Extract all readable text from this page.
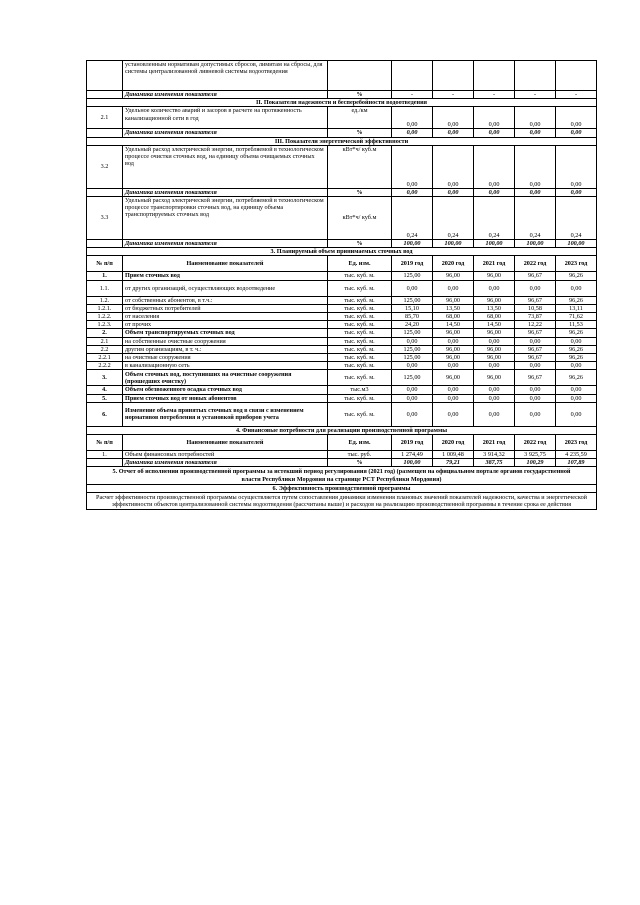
	установленным нормативам допустимых сбросов, лимитам на сбросы, для системы централизованной ливневой системы водоотведения						
	Динамика изменения показателя	%	-	-	-	-	-
II. Показатели надежности и бесперебойности водоотведения							
2.1	Удельное количество аварий и засоров в расчете на протяженность канализационной сети в год	ед./км	0,00	0,00	0,00	0,00	0,00
	Динамика изменения показателя	%	0,00	0,00	0,00	0,00	0,00
III. Показатели энергетической эффективности							
3.2	Удельный расход электрической энергии, потребляемой в технологическом процессе очистки сточных вод, на единицу объема очищаемых сточных вод	кВт*ч/ куб.м	0,00	0,00	0,00	0,00	0,00
	Динамика изменения показателя	%	0,00	0,00	0,00	0,00	0,00
3.3	Удельный расход электрической энергии, потребляемой в технологическом процессе транспортировки сточных вод, на единицу объема транспортируемых сточных вод	кВт*ч/ куб.м	0,24	0,24	0,24	0,24	0,24
	Динамика изменения показателя	%	100,00	100,00	100,00	100,00	100,00
3. Планируемый объем принимаемых сточных вод							
№ п/п	Наименование показателей	Ед. изм.	2019 год	2020 год	2021 год	2022 год	2023 год
1.	Прием сточных вод	тыс. куб. м.	125,00	96,00	96,00	96,67	96,26
1.1.	от других организаций, осуществляющих водоотведение	тыс. куб. м.	0,00	0,00	0,00	0,00	0,00
1.2.	от собственных абонентов, в т.ч.:	тыс. куб. м.	125,00	96,00	96,00	96,67	96,26
1.2.1.	от бюджетных потребителей	тыс. куб. м.	15,10	13,50	13,50	10,58	13,11
1.2.2.	от населения	тыс. куб. м.	85,70	68,00	68,00	73,87	71,62
1.2.3.	от прочих	тыс. куб. м.	24,20	14,50	14,50	12,22	11,53
2.	Объем транспортируемых сточных вод	тыс. куб. м.	125,00	96,00	96,00	96,67	96,26
2.1	на собственные очистные сооружения	тыс. куб. м.	0,00	0,00	0,00	0,00	0,00
2.2	другим организациям, в т. ч.:	тыс. куб. м.	125,00	96,00	96,00	96,67	96,26
2.2.1	на очистные сооружения	тыс. куб. м.	125,00	96,00	96,00	96,67	96,26
2.2.2	в канализационную сеть	тыс. куб. м.	0,00	0,00	0,00	0,00	0,00
3.	Объем сточных вод, поступивших на очистные сооружения (прошедших очистку)	тыс. куб. м.	125,00	96,00	96,00	96,67	96,26
4.	Объем обезвоженного осадка сточных вод	тыс.м3	0,00	0,00	0,00	0,00	0,00
5.	Прием сточных вод от новых абонентов	тыс. куб. м.	0,00	0,00	0,00	0,00	0,00
6.	Изменение объема принятых сточных вод в связи с изменением нормативов потребления и установкой приборов учета	тыс. куб. м.	0,00	0,00	0,00	0,00	0,00
4. Финансовые потребности для реализации производственной программы							
№ п/п	Наименование показателей	Ед. изм.	2019 год	2020 год	2021 год	2022 год	2023 год
1.	Объем финансовых потребностей	тыс. руб.	1 274,49	1 009,48	3 914,32	3 925,75	4 235,59
	Динамика изменения показателя	%	100,00	79,21	387,75	100,29	107,89
5. Отчет об исполнении производственной программы за истекший период регулирования (2021 год) (размещен на официальном портале органов государственной власти Республики Мордовия на странице РСТ Республики Мордовия)							
6. Эффективность производственной программы							
Расчет эффективности производственной программы осуществляется путем сопоставления динамики изменения плановых значений показателей надежности, качества и энергетической эффективности объектов централизованной системы водоотведения (рассчитаны выше) и расходов на реализацию производственной программы в течение срока ее действия							
